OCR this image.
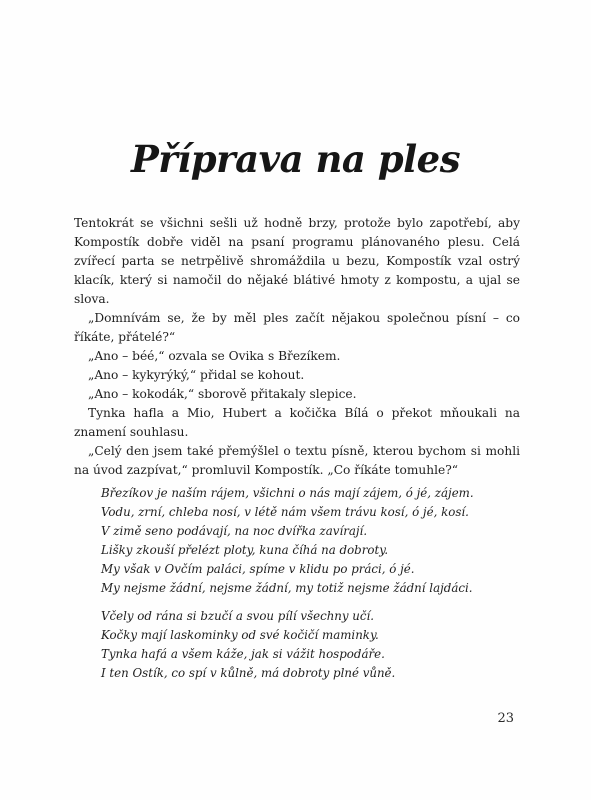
Příprava na ples

Tentokrát se všichni sešli už hodně brzy, protože bylo zapotřebí, aby Kompostík dobře viděl na psaní programu plánovaného plesu. Celá zvířecí parta se netrpělivě shromáždila u bezu, Kompostík vzal ostrý klacík, který si namočil do nějaké blátivé hmoty z kompostu, a ujal se slova.

„Domnívám se, že by měl ples začít nějakou společnou písní – co říkáte, přátelé?“

„Ano – béé,“ ozvala se Ovika s Březíkem.

„Ano – kykyrýký,“ přidal se kohout.

„Ano – kokodák,“ sborově přitakaly slepice.

Tynka hafla a Mio, Hubert a kočička Bílá o překot mňoukali na znamení souhlasu.

„Celý den jsem také přemýšlel o textu písně, kterou bychom si mohli na úvod zazpívat,“ promluvil Kompostík. „Co říkáte tomuhle?“

Březíkov je naším rájem, všichni o nás mají zájem, ó jé, zájem.
Vodu, zrní, chleba nosí, v létě nám všem trávu kosí, ó jé, kosí.
V zimě seno podávají, na noc dvířka zavírají.
Lišky zkouší přelézt ploty, kuna číhá na dobroty.
My však v Ovčím paláci, spíme v klidu po práci, ó jé.
My nejsme žádní, nejsme žádní, my totiž nejsme žádní lajdáci.
Včely od rána si bzučí a svou pílí všechny učí.
Kočky mají laskominky od své kočičí maminky.
Tynka hafá a všem káže, jak si vážit hospodáře.
I ten Ostík, co spí v kůlně, má dobroty plné vůně.
23
